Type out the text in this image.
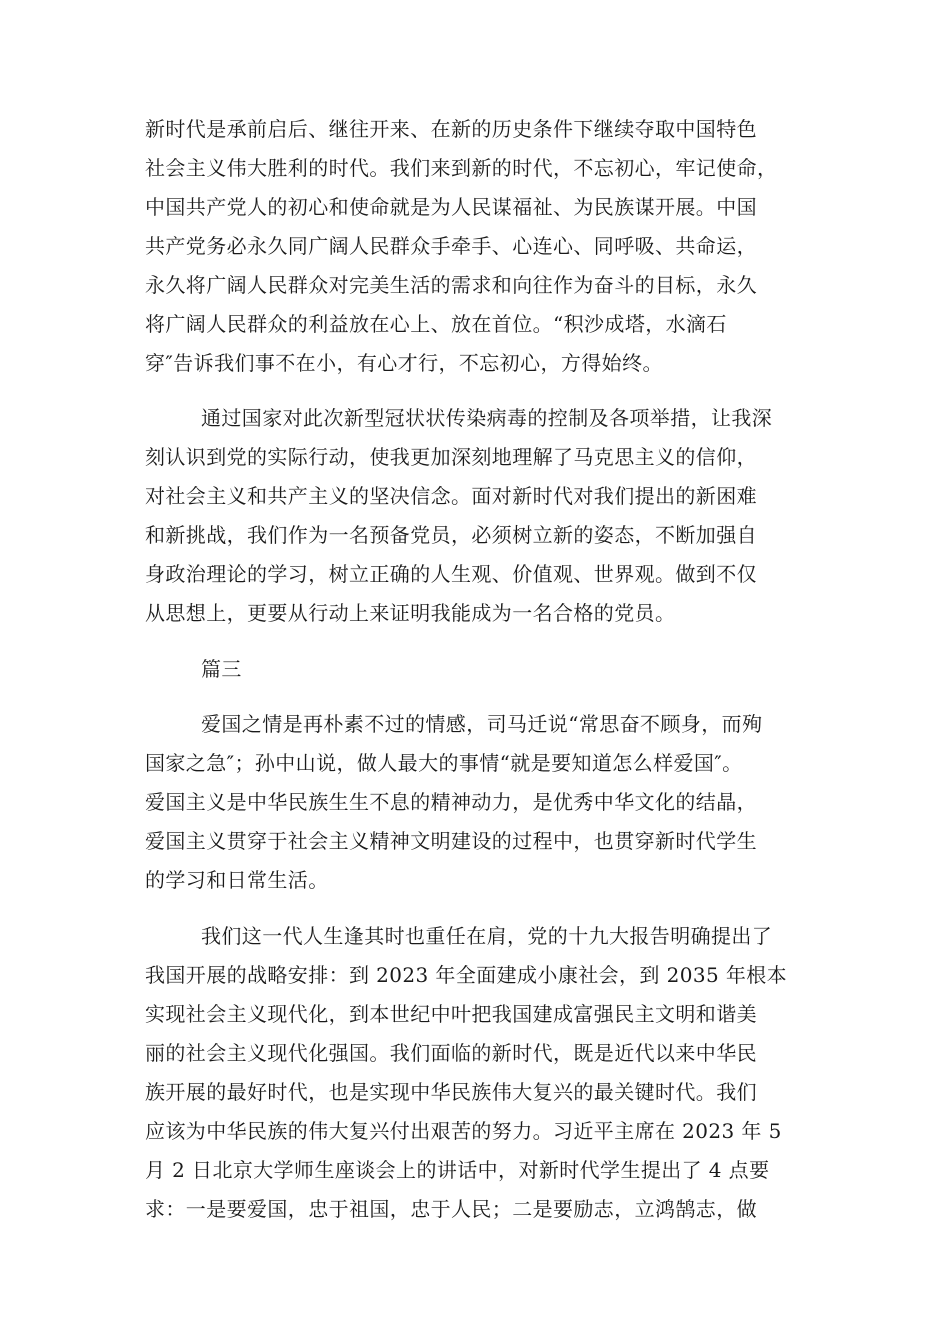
新时代是承前启后、继往开来、在新的历史条件下继续夺取中国特色

社会主义伟大胜利的时代。我们来到新的时代，不忘初心，牢记使命，

中国共产党人的初心和使命就是为人民谋福祉、为民族谋开展。中国

共产党务必永久同广阔人民群众手牵手、心连心、同呼吸、共命运，

永久将广阔人民群众对完美生活的需求和向往作为奋斗的目标，永久

将广阔人民群众的利益放在心上、放在首位。“积沙成塔，水滴石

穿″告诉我们事不在小，有心才行，不忘初心，方得始终。

通过国家对此次新型冠状状传染病毒的控制及各项举措，让我深

刻认识到党的实际行动，使我更加深刻地理解了马克思主义的信仰，

对社会主义和共产主义的坚决信念。面对新时代对我们提出的新困难

和新挑战，我们作为一名预备党员，必须树立新的姿态，不断加强自

身政治理论的学习，树立正确的人生观、价值观、世界观。做到不仅

从思想上，更要从行动上来证明我能成为一名合格的党员。

篇三

爱国之情是再朴素不过的情感，司马迁说“常思奋不顾身，而殉

国家之急″；孙中山说，做人最大的事情“就是要知道怎么样爱国″。

爱国主义是中华民族生生不息的精神动力，是优秀中华文化的结晶，

爱国主义贯穿于社会主义精神文明建设的过程中，也贯穿新时代学生

的学习和日常生活。

我们这一代人生逢其时也重任在肩，党的十九大报告明确提出了

我国开展的战略安排：到 2023 年全面建成小康社会，到 2035 年根本

实现社会主义现代化，到本世纪中叶把我国建成富强民主文明和谐美

丽的社会主义现代化强国。我们面临的新时代，既是近代以来中华民

族开展的最好时代，也是实现中华民族伟大复兴的最关键时代。我们

应该为中华民族的伟大复兴付出艰苦的努力。习近平主席在 2023 年 5

月 2 日北京大学师生座谈会上的讲话中，对新时代学生提出了 4 点要

求：一是要爱国，忠于祖国，忠于人民；二是要励志，立鸿鹄志，做
